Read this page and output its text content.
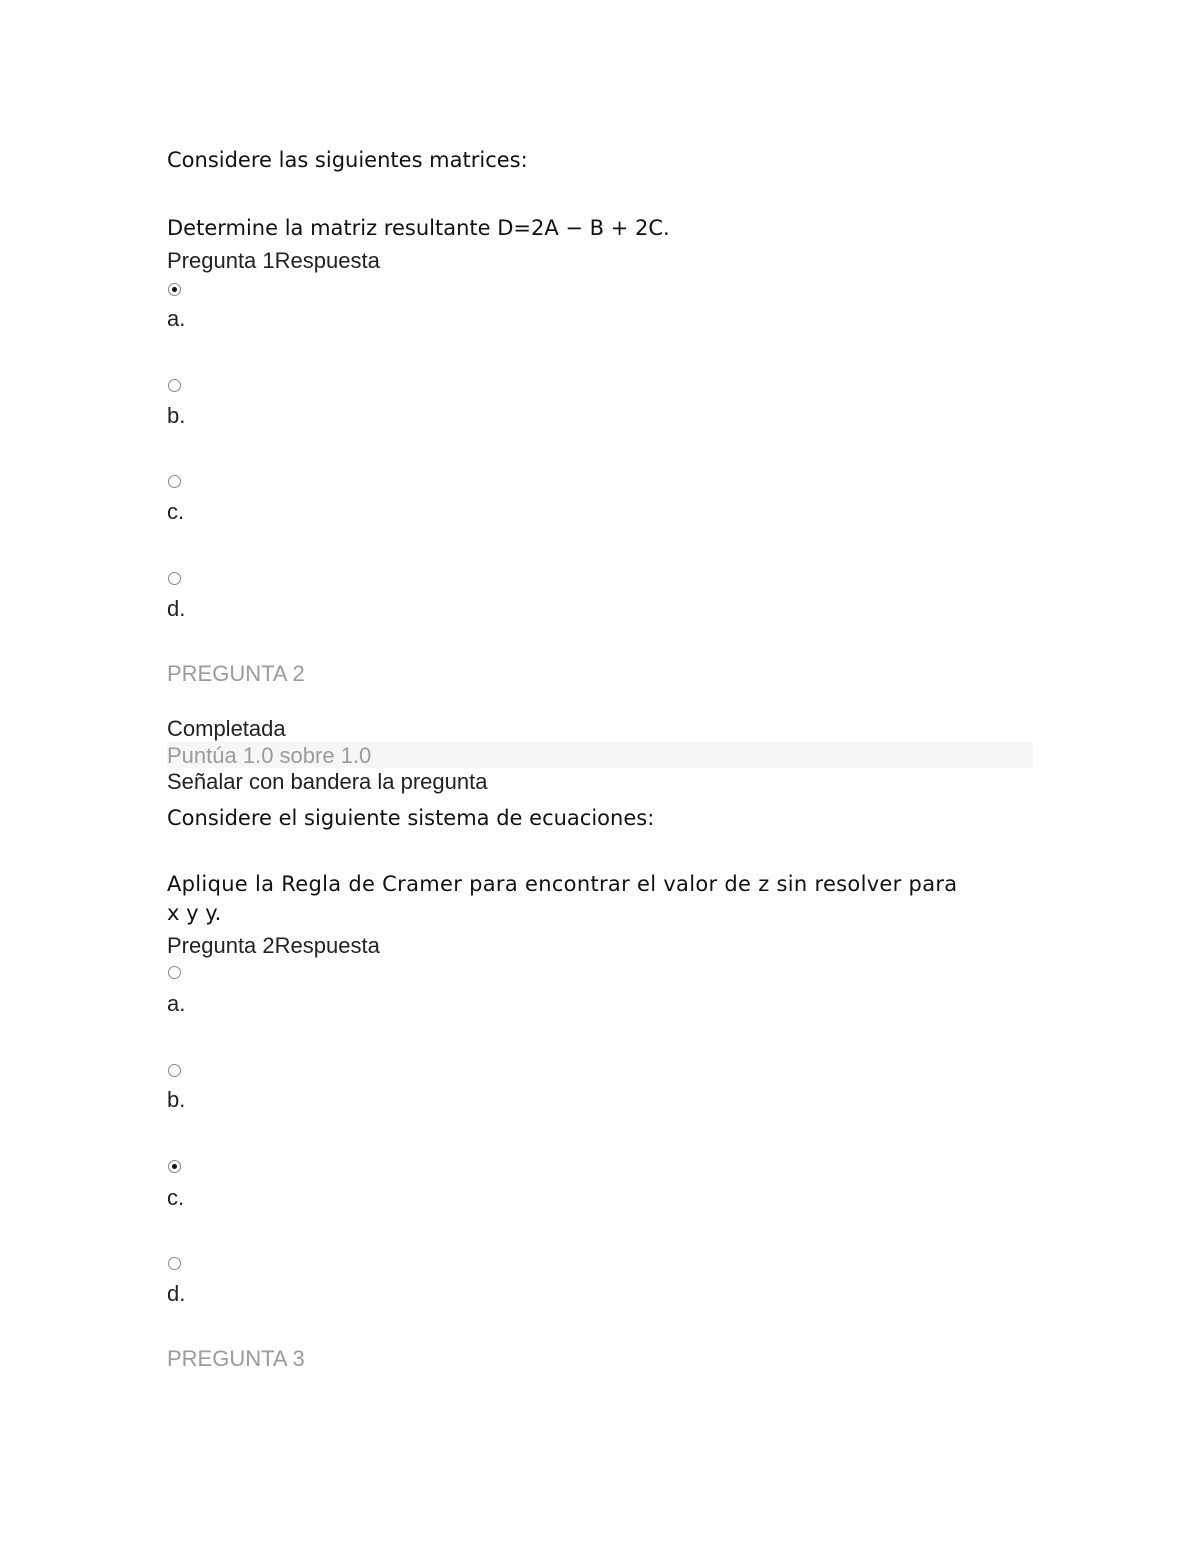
Considere las siguientes matrices:
Determine la matriz resultante D=2A − B + 2C.
Pregunta 1Respuesta
a.
b.
c.
d.
PREGUNTA 2
Completada
Puntúa 1.0 sobre 1.0
Señalar con bandera la pregunta
Considere el siguiente sistema de ecuaciones:
Aplique la Regla de Cramer para encontrar el valor de z sin resolver para
x y y.
Pregunta 2Respuesta
a.
b.
c.
d.
PREGUNTA 3
